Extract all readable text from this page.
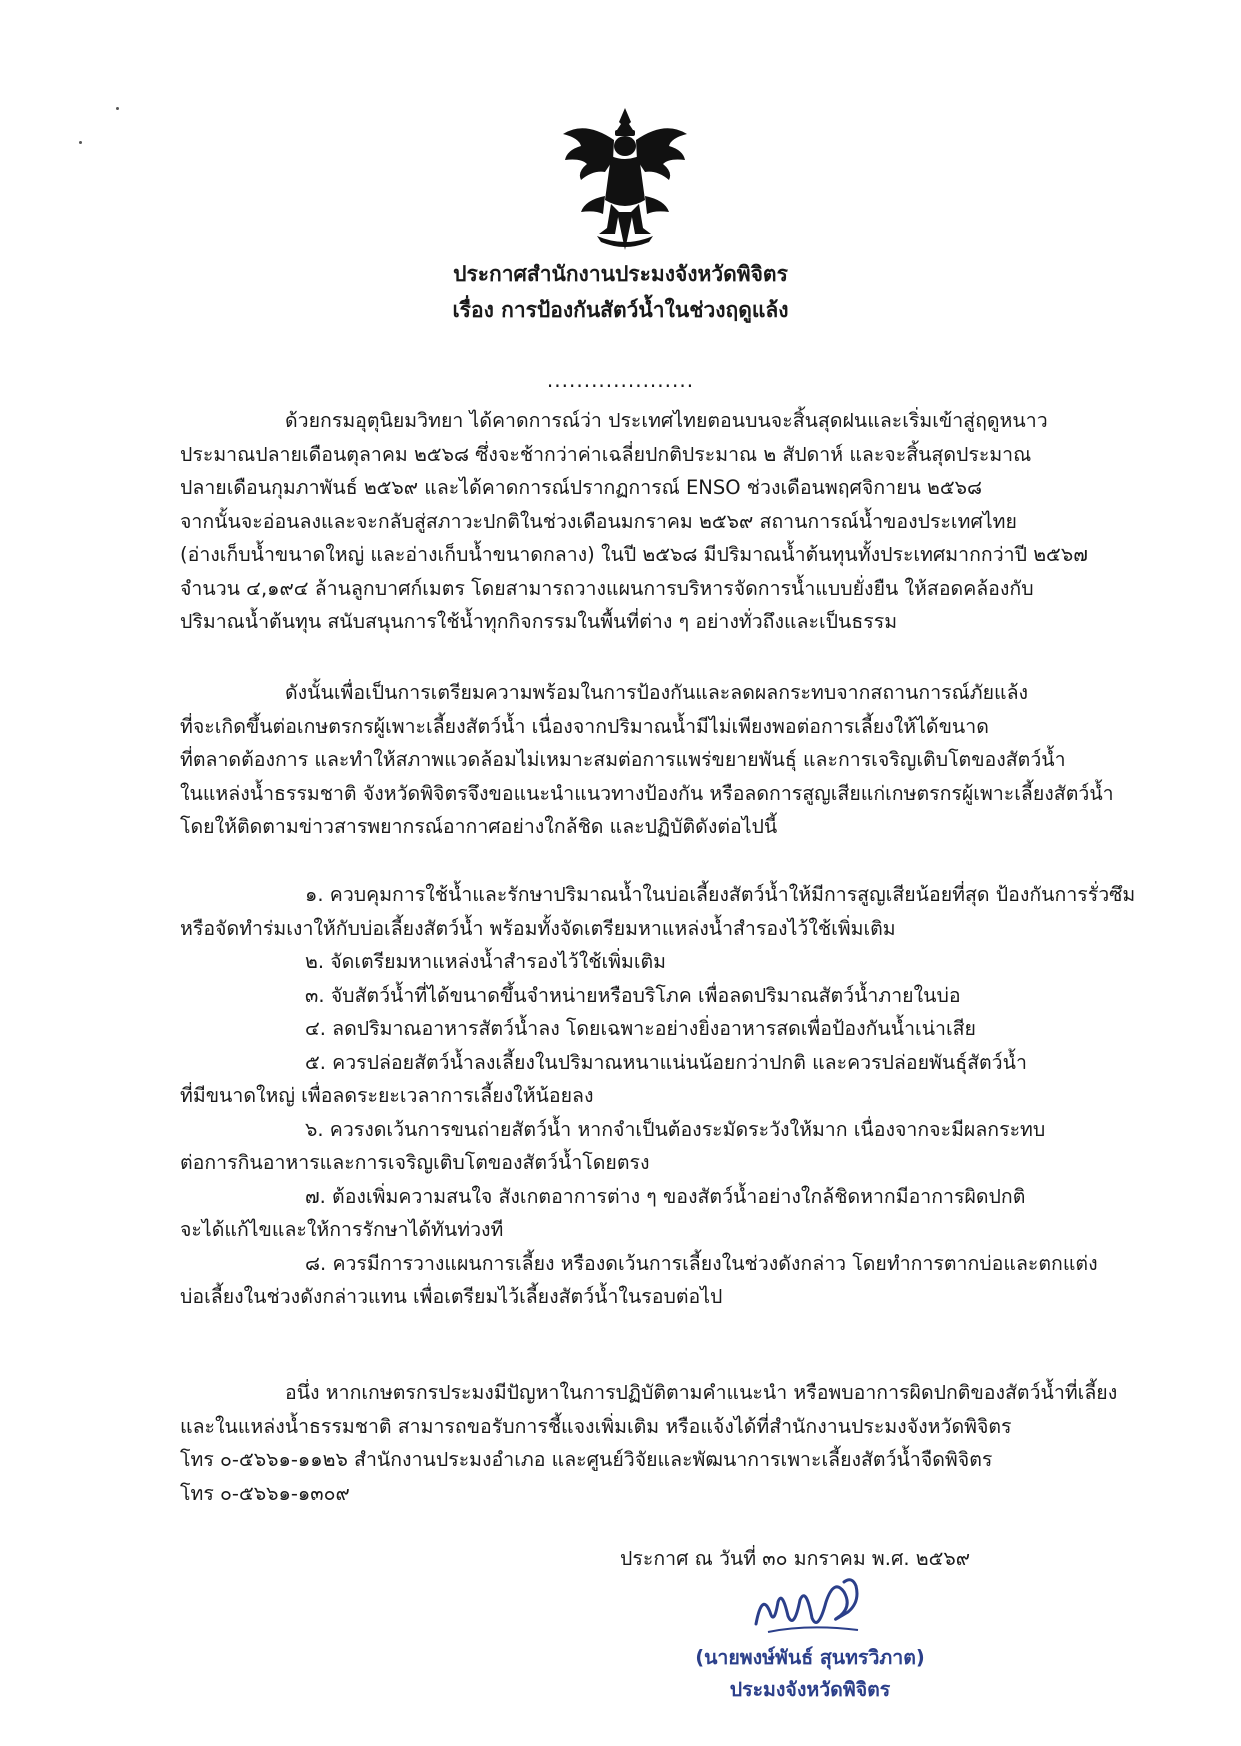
ประกาศสำนักงานประมงจังหวัดพิจิตร
เรื่อง การป้องกันสัตว์น้ำในช่วงฤดูแล้ง
....................
ด้วยกรมอุตุนิยมวิทยา ได้คาดการณ์ว่า ประเทศไทยตอนบนจะสิ้นสุดฝนและเริ่มเข้าสู่ฤดูหนาว
ประมาณปลายเดือนตุลาคม ๒๕๖๘ ซึ่งจะช้ากว่าค่าเฉลี่ยปกติประมาณ ๒ สัปดาห์ และจะสิ้นสุดประมาณ
ปลายเดือนกุมภาพันธ์ ๒๕๖๙ และได้คาดการณ์ปรากฏการณ์ ENSO ช่วงเดือนพฤศจิกายน ๒๕๖๘
จากนั้นจะอ่อนลงและจะกลับสู่สภาวะปกติในช่วงเดือนมกราคม ๒๕๖๙ สถานการณ์น้ำของประเทศไทย
(อ่างเก็บน้ำขนาดใหญ่ และอ่างเก็บน้ำขนาดกลาง) ในปี ๒๕๖๘ มีปริมาณน้ำต้นทุนทั้งประเทศมากกว่าปี ๒๕๖๗
จำนวน ๔,๑๙๔ ล้านลูกบาศก์เมตร โดยสามารถวางแผนการบริหารจัดการน้ำแบบยั่งยืน ให้สอดคล้องกับ
ปริมาณน้ำต้นทุน สนับสนุนการใช้น้ำทุกกิจกรรมในพื้นที่ต่าง ๆ อย่างทั่วถึงและเป็นธรรม
ดังนั้นเพื่อเป็นการเตรียมความพร้อมในการป้องกันและลดผลกระทบจากสถานการณ์ภัยแล้ง
ที่จะเกิดขึ้นต่อเกษตรกรผู้เพาะเลี้ยงสัตว์น้ำ เนื่องจากปริมาณน้ำมีไม่เพียงพอต่อการเลี้ยงให้ได้ขนาด
ที่ตลาดต้องการ และทำให้สภาพแวดล้อมไม่เหมาะสมต่อการแพร่ขยายพันธุ์ และการเจริญเติบโตของสัตว์น้ำ
ในแหล่งน้ำธรรมชาติ จังหวัดพิจิตรจึงขอแนะนำแนวทางป้องกัน หรือลดการสูญเสียแก่เกษตรกรผู้เพาะเลี้ยงสัตว์น้ำ
โดยให้ติดตามข่าวสารพยากรณ์อากาศอย่างใกล้ชิด และปฏิบัติดังต่อไปนี้
๑. ควบคุมการใช้น้ำและรักษาปริมาณน้ำในบ่อเลี้ยงสัตว์น้ำให้มีการสูญเสียน้อยที่สุด ป้องกันการรั่วซึม
หรือจัดทำร่มเงาให้กับบ่อเลี้ยงสัตว์น้ำ พร้อมทั้งจัดเตรียมหาแหล่งน้ำสำรองไว้ใช้เพิ่มเติม
๒. จัดเตรียมหาแหล่งน้ำสำรองไว้ใช้เพิ่มเติม
๓. จับสัตว์น้ำที่ได้ขนาดขึ้นจำหน่ายหรือบริโภค เพื่อลดปริมาณสัตว์น้ำภายในบ่อ
๔. ลดปริมาณอาหารสัตว์น้ำลง โดยเฉพาะอย่างยิ่งอาหารสดเพื่อป้องกันน้ำเน่าเสีย
๕. ควรปล่อยสัตว์น้ำลงเลี้ยงในปริมาณหนาแน่นน้อยกว่าปกติ และควรปล่อยพันธุ์สัตว์น้ำ
ที่มีขนาดใหญ่ เพื่อลดระยะเวลาการเลี้ยงให้น้อยลง
๖. ควรงดเว้นการขนถ่ายสัตว์น้ำ หากจำเป็นต้องระมัดระวังให้มาก เนื่องจากจะมีผลกระทบ
ต่อการกินอาหารและการเจริญเติบโตของสัตว์น้ำโดยตรง
๗. ต้องเพิ่มความสนใจ สังเกตอาการต่าง ๆ ของสัตว์น้ำอย่างใกล้ชิดหากมีอาการผิดปกติ
จะได้แก้ไขและให้การรักษาได้ทันท่วงที
๘. ควรมีการวางแผนการเลี้ยง หรืองดเว้นการเลี้ยงในช่วงดังกล่าว โดยทำการตากบ่อและตกแต่ง
บ่อเลี้ยงในช่วงดังกล่าวแทน เพื่อเตรียมไว้เลี้ยงสัตว์น้ำในรอบต่อไป
อนึ่ง หากเกษตรกรประมงมีปัญหาในการปฏิบัติตามคำแนะนำ หรือพบอาการผิดปกติของสัตว์น้ำที่เลี้ยง
และในแหล่งน้ำธรรมชาติ สามารถขอรับการชี้แจงเพิ่มเติม หรือแจ้งได้ที่สำนักงานประมงจังหวัดพิจิตร
โทร ๐-๕๖๖๑-๑๑๒๖ สำนักงานประมงอำเภอ และศูนย์วิจัยและพัฒนาการเพาะเลี้ยงสัตว์น้ำจืดพิจิตร
โทร ๐-๕๖๖๑-๑๓๐๙
ประกาศ ณ วันที่ ๓๐ มกราคม พ.ศ. ๒๕๖๙
(นายพงษ์พันธ์ สุนทรวิภาต)
ประมงจังหวัดพิจิตร
